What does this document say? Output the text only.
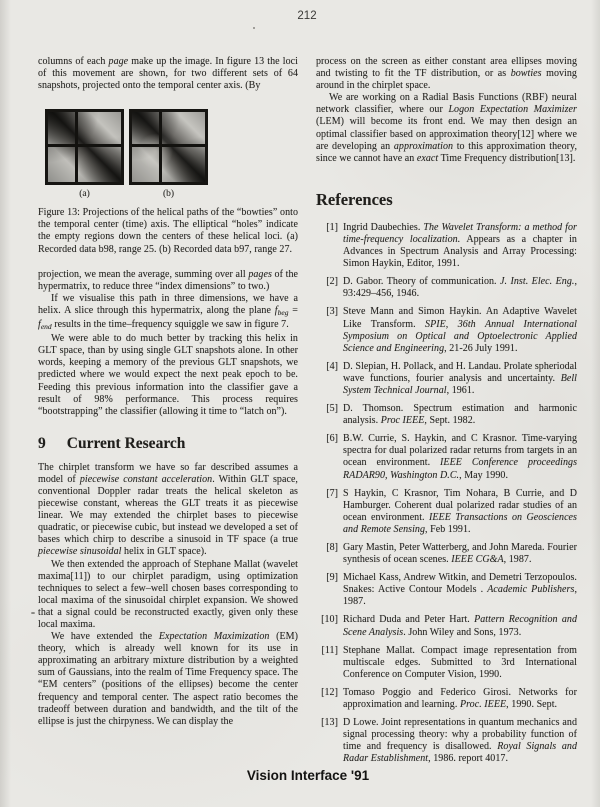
212

columns of each page make up the image. In figure 13 the loci of this movement are shown, for two different sets of 64 snapshots, projected onto the temporal center axis. (By

(a)	(b)
Figure 13: Projections of the helical paths of the “bowties” onto the temporal center (time) axis. The elliptical “holes” indicate the empty regions down the centers of these helical loci. (a) Recorded data b98, range 25. (b) Recorded data b97, range 27.

projection, we mean the average, summing over all pages of the hypermatrix, to reduce three “index dimensions” to two.)

If we visualise this path in three dimensions, we have a helix. A slice through this hypermatrix, along the plane $f_{beg} = f_{end}$ results in the time–frequency squiggle we saw in figure 7.

We were able to do much better by tracking this helix in GLT space, than by using single GLT snapshots alone. In other words, keeping a memory of the previous GLT snapshots, we predicted where we would expect the next peak epoch to be. Feeding this previous information into the classifier gave a result of 98% performance. This process requires “bootstrapping” the classifier (allowing it time to “latch on”).

9 Current Research

The chirplet transform we have so far described assumes a model of piecewise constant acceleration. Within GLT space, conventional Doppler radar treats the helical skeleton as piecewise constant, whereas the GLT treats it as piecewise linear. We may extended the chirplet bases to piecewise quadratic, or piecewise cubic, but instead we developed a set of bases which chirp to describe a sinusoid in TF space (a true piecewise sinusoidal helix in GLT space).

We then extended the approach of Stephane Mallat (wavelet maxima[11]) to our chirplet paradigm, using optimization techniques to select a few–well chosen bases corresponding to local maxima of the sinusoidal chirplet expansion. We showed that a signal could be reconstructed exactly, given only these local maxima.

We have extended the Expectation Maximization (EM) theory, which is already well known for its use in approximating an arbitrary mixture distribution by a weighted sum of Gaussians, into the realm of Time Frequency space. The “EM centers” (positions of the ellipses) become the center frequency and temporal center. The aspect ratio becomes the tradeoff between duration and bandwidth, and the tilt of the ellipse is just the chirpyness. We can display the

process on the screen as either constant area ellipses moving and twisting to fit the TF distribution, or as bowties moving around in the chirplet space.

We are working on a Radial Basis Functions (RBF) neural network classifier, where our Logon Expectation Maximizer (LEM) will become its front end. We may then design an optimal classifier based on approximation theory[12] where we are developing an approximation to this approximation theory, since we cannot have an exact Time Frequency distribution[13].

References
[1] Ingrid Daubechies. The Wavelet Transform: a method for time-frequency localization. Appears as a chapter in Advances in Spectrum Analysis and Array Processing: Simon Haykin, Editor, 1991.
[2] D. Gabor. Theory of communication. J. Inst. Elec. Eng., 93:429–456, 1946.
[3] Steve Mann and Simon Haykin. An Adaptive Wavelet Like Transform. SPIE, 36th Annual International Symposium on Optical and Optoelectronic Applied Science and Engineering, 21-26 July 1991.
[4] D. Slepian, H. Pollack, and H. Landau. Prolate spheriodal wave functions, fourier analysis and uncertainty. Bell System Technical Journal, 1961.
[5] D. Thomson. Spectrum estimation and harmonic analysis. Proc IEEE, Sept. 1982.
[6] B.W. Currie, S. Haykin, and C Krasnor. Time-varying spectra for dual polarized radar returns from targets in an ocean environment. IEEE Conference proceedings RADAR90, Washington D.C., May 1990.
[7] S Haykin, C Krasnor, Tim Nohara, B Currie, and D Hamburger. Coherent dual polarized radar studies of an ocean environment. IEEE Transactions on Geosciences and Remote Sensing, Feb 1991.
[8] Gary Mastin, Peter Watterberg, and John Mareda. Fourier synthesis of ocean scenes. IEEE CG&A, 1987.
[9] Michael Kass, Andrew Witkin, and Demetri Terzopoulos. Snakes: Active Contour Models . Academic Publishers, 1987.
[10] Richard Duda and Peter Hart. Pattern Recognition and Scene Analysis. John Wiley and Sons, 1973.
[11] Stephane Mallat. Compact image representation from multiscale edges. Submitted to 3rd International Conference on Computer Vision, 1990.
[12] Tomaso Poggio and Federico Girosi. Networks for approximation and learning. Proc. IEEE, 1990. Sept.
[13] D Lowe. Joint representations in quantum mechanics and signal processing theory: why a probability function of time and frequency is disallowed. Royal Signals and Radar Establishment, 1986. report 4017.
Vision Interface '91
